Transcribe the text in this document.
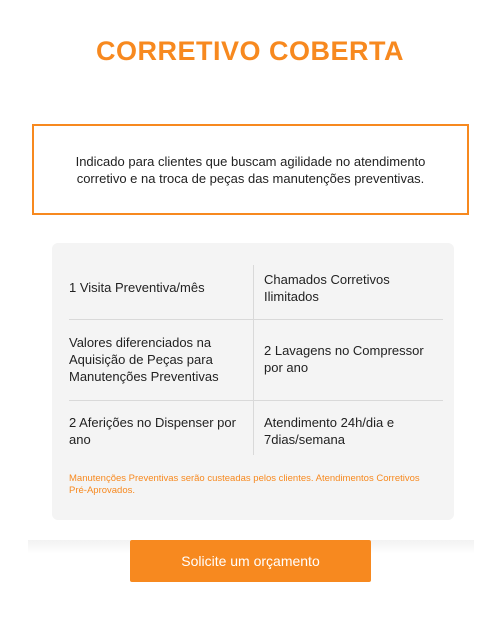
CORRETIVO COBERTA

Indicado para clientes que buscam agilidade no atendimento corretivo e na troca de peças das manutenções preventivas.

1 Visita Preventiva/mês
Chamados Corretivos Ilimitados
Valores diferenciados na Aquisição de Peças para Manutenções Preventivas
2 Lavagens no Compressor por ano
2 Aferições no Dispenser por ano
Atendimento 24h/dia e 7dias/semana

Manutenções Preventivas serão custeadas pelos clientes. Atendimentos Corretivos Pré-Aprovados.

Solicite um orçamento
